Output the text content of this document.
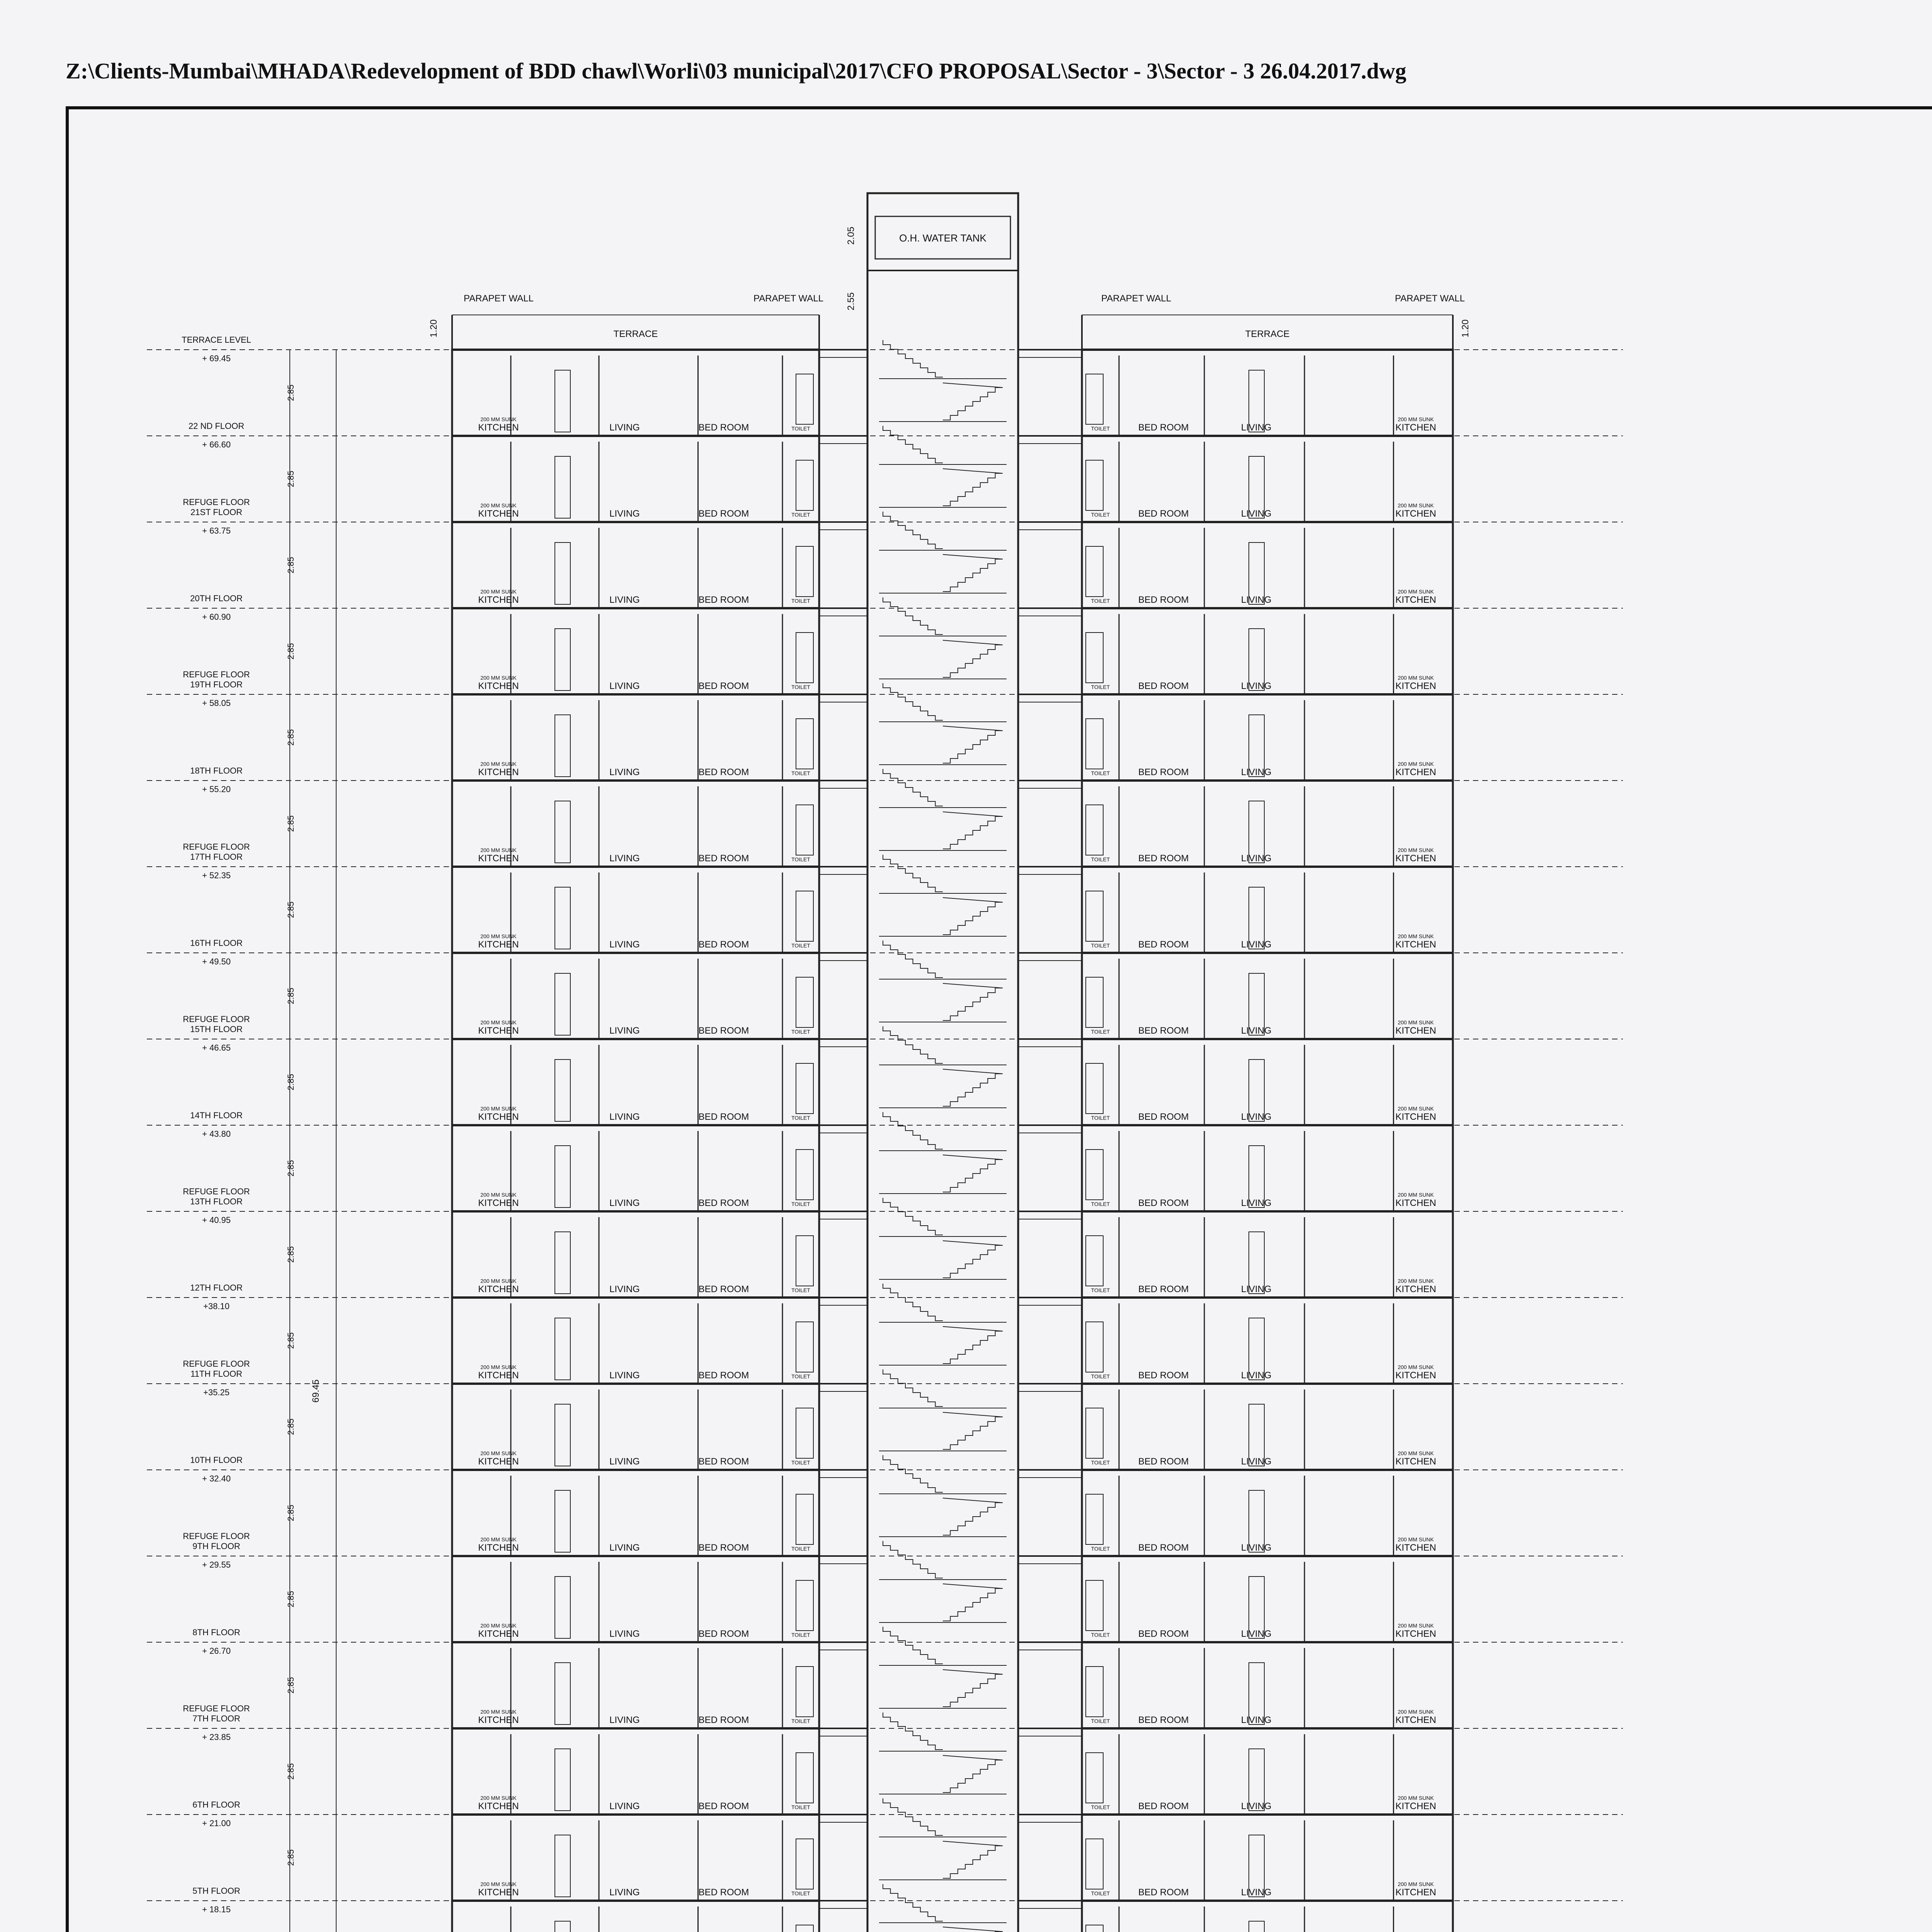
Z:\Clients-Mumbai\MHADA\Redevelopment of BDD chawl\Worli\03 municipal\2017\CFO PROPOSAL\Sector - 3\Sector - 3 26.04.2017.dwg
TERRACE LEVEL
+ 69.45
22 ND FLOOR
+ 66.60
REFUGE FLOOR
21ST FLOOR
+ 63.75
20TH FLOOR
+ 60.90
REFUGE FLOOR
19TH FLOOR
+ 58.05
18TH FLOOR
+ 55.20
REFUGE FLOOR
17TH FLOOR
+ 52.35
16TH FLOOR
+ 49.50
REFUGE FLOOR
15TH FLOOR
+ 46.65
14TH FLOOR
+ 43.80
REFUGE FLOOR
13TH FLOOR
+ 40.95
12TH FLOOR
+38.10
REFUGE FLOOR
11TH FLOOR
+35.25
10TH FLOOR
+ 32.40
REFUGE FLOOR
9TH FLOOR
+ 29.55
8TH FLOOR
+ 26.70
REFUGE FLOOR
7TH FLOOR
+ 23.85
6TH FLOOR
+ 21.00
5TH FLOOR
+ 18.15
2.85
2.85
2.85
2.85
2.85
2.85
2.85
2.85
2.85
2.85
2.85
2.85
2.85
2.85
2.85
2.85
2.85
2.85
69.45
PARAPET WALL	PARAPET WALL
TERRACE
1.20
200 MM SUNK
KITCHEN	LIVING	BED ROOM	TOILET
200 MM SUNK
KITCHEN	LIVING	BED ROOM	TOILET
200 MM SUNK
KITCHEN	LIVING	BED ROOM	TOILET
200 MM SUNK
KITCHEN	LIVING	BED ROOM	TOILET
200 MM SUNK
KITCHEN	LIVING	BED ROOM	TOILET
200 MM SUNK
KITCHEN	LIVING	BED ROOM	TOILET
200 MM SUNK
KITCHEN	LIVING	BED ROOM	TOILET
200 MM SUNK
KITCHEN	LIVING	BED ROOM	TOILET
200 MM SUNK
KITCHEN	LIVING	BED ROOM	TOILET
200 MM SUNK
KITCHEN	LIVING	BED ROOM	TOILET
200 MM SUNK
KITCHEN	LIVING	BED ROOM	TOILET
200 MM SUNK
KITCHEN	LIVING	BED ROOM	TOILET
200 MM SUNK
KITCHEN	LIVING	BED ROOM	TOILET
200 MM SUNK
KITCHEN	LIVING	BED ROOM	TOILET
200 MM SUNK
KITCHEN	LIVING	BED ROOM	TOILET
200 MM SUNK
KITCHEN	LIVING	BED ROOM	TOILET
200 MM SUNK
KITCHEN	LIVING	BED ROOM	TOILET
200 MM SUNK
KITCHEN	LIVING	BED ROOM	TOILET
PARAPET WALL	PARAPET WALL
TERRACE	1.20
TOILET	BED ROOM	LIVING
200 MM SUNK
KITCHEN
TOILET	BED ROOM	LIVING
200 MM SUNK
KITCHEN
TOILET	BED ROOM	LIVING
200 MM SUNK
KITCHEN
TOILET	BED ROOM	LIVING
200 MM SUNK
KITCHEN
TOILET	BED ROOM	LIVING
200 MM SUNK
KITCHEN
TOILET	BED ROOM	LIVING
200 MM SUNK
KITCHEN
TOILET	BED ROOM	LIVING
200 MM SUNK
KITCHEN
TOILET	BED ROOM	LIVING
200 MM SUNK
KITCHEN
TOILET	BED ROOM	LIVING
200 MM SUNK
KITCHEN
TOILET	BED ROOM	LIVING
200 MM SUNK
KITCHEN
TOILET	BED ROOM	LIVING
200 MM SUNK
KITCHEN
TOILET	BED ROOM	LIVING
200 MM SUNK
KITCHEN
TOILET	BED ROOM	LIVING
200 MM SUNK
KITCHEN
TOILET	BED ROOM	LIVING
200 MM SUNK
KITCHEN
TOILET	BED ROOM	LIVING
200 MM SUNK
KITCHEN
TOILET	BED ROOM	LIVING
200 MM SUNK
KITCHEN
TOILET	BED ROOM	LIVING
200 MM SUNK
KITCHEN
TOILET	BED ROOM	LIVING
200 MM SUNK
KITCHEN
O.H. WATER TANK
2.05
2.55
